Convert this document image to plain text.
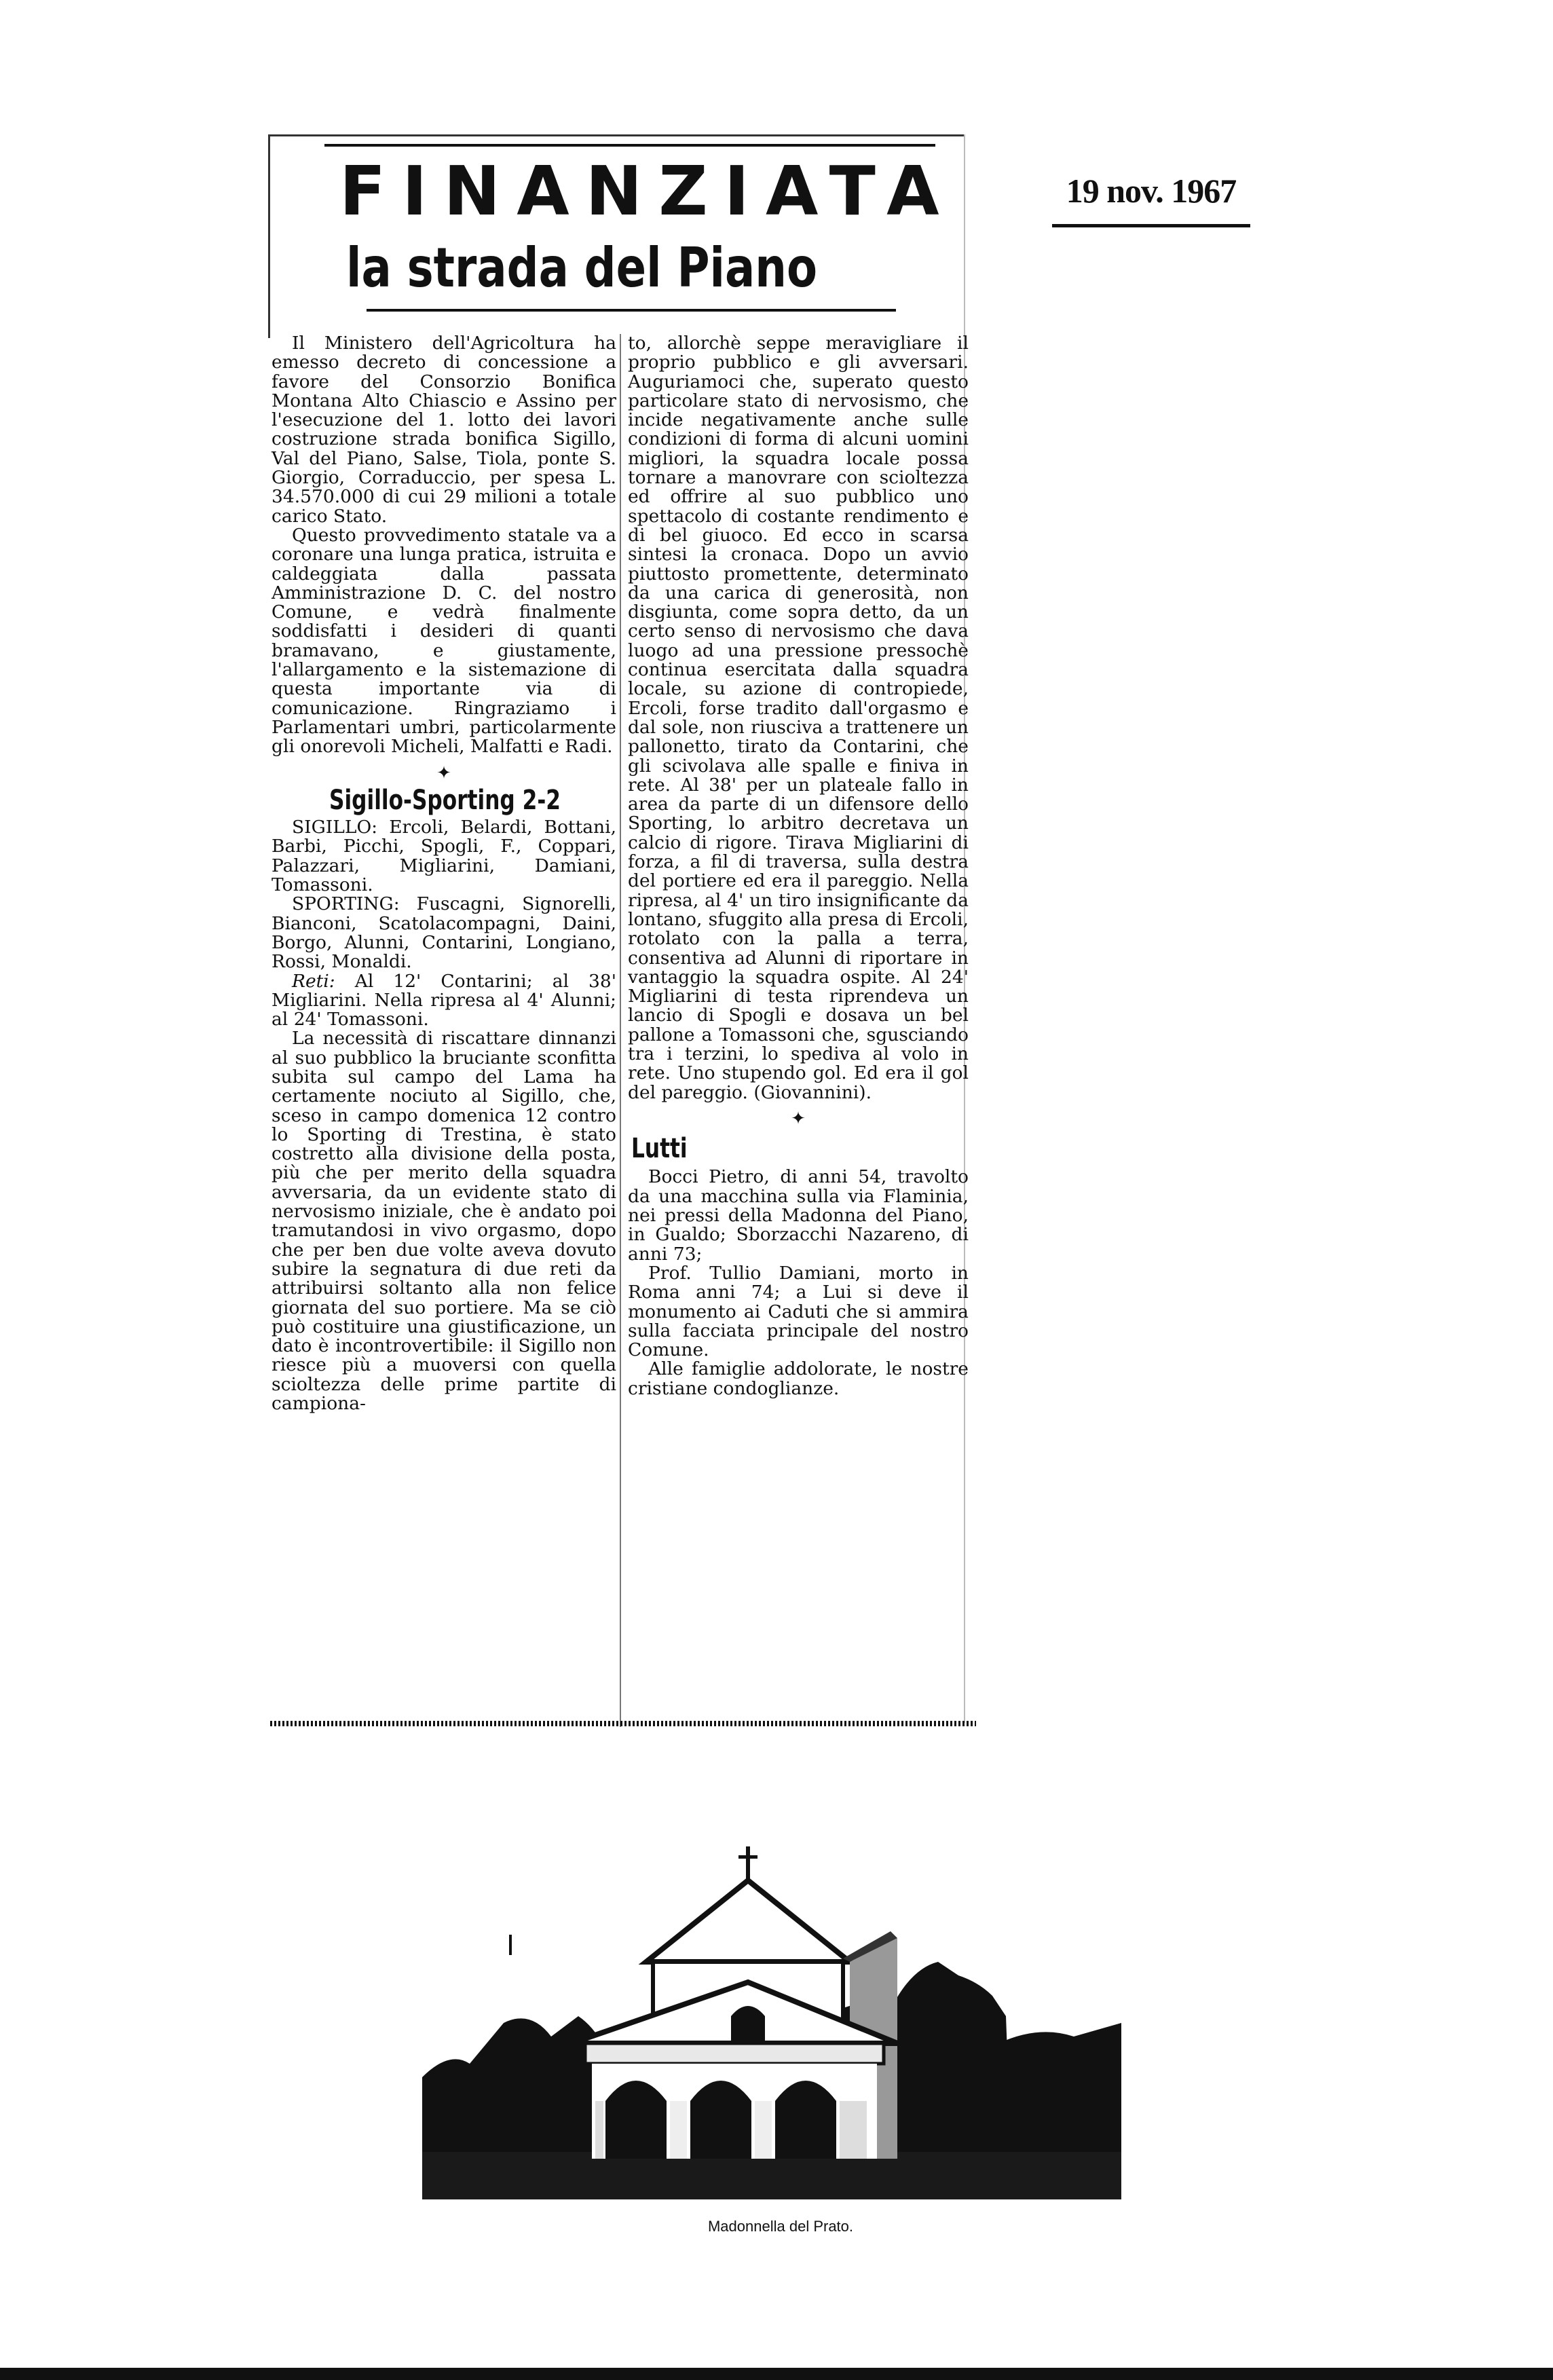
19 nov. 1967
FINANZIATA
la strada del Piano

Il Ministero dell'Agricoltura ha emesso decreto di concessione a favore del Consorzio Bonifica Montana Alto Chiascio e Assino per l'esecuzione del 1. lotto dei lavori costruzione strada bonifica Sigillo, Val del Piano, Salse, Tiola, ponte S. Giorgio, Corraduccio, per spesa L. 34.570.000 di cui 29 milioni a totale carico Stato.

Questo provvedimento statale va a coronare una lunga pratica, istruita e caldeggiata dalla passata Amministrazione D. C. del nostro Comune, e vedrà finalmente soddisfatti i desideri di quanti bramavano, e giustamente, l'allargamento e la sistemazione di questa importante via di comunicazione. Ringraziamo i Parlamentari umbri, particolarmente gli onorevoli Micheli, Malfatti e Radi.

✦
Sigillo-Sporting 2-2

SIGILLO: Ercoli, Belardi, Bottani, Barbi, Picchi, Spogli, F., Coppari, Palazzari, Migliarini, Damiani, Tomassoni.

SPORTING: Fuscagni, Signorelli, Bianconi, Scatolacompagni, Daini, Borgo, Alunni, Contarini, Longiano, Rossi, Monaldi.

Reti: Al 12' Contarini; al 38' Migliarini. Nella ripresa al 4' Alunni; al 24' Tomassoni.

La necessità di riscattare dinnanzi al suo pubblico la bruciante sconfitta subita sul campo del Lama ha certamente nociuto al Sigillo, che, sceso in campo domenica 12 contro lo Sporting di Trestina, è stato costretto alla divisione della posta, più che per merito della squadra avversaria, da un evidente stato di nervosismo iniziale, che è andato poi tramutandosi in vivo orgasmo, dopo che per ben due volte aveva dovuto subire la segnatura di due reti da attribuirsi soltanto alla non felice giornata del suo portiere. Ma se ciò può costituire una giustificazione, un dato è incontrovertibile: il Sigillo non riesce più a muoversi con quella scioltezza delle prime partite di campiona-

to, allorchè seppe meravigliare il proprio pubblico e gli avversari. Auguriamoci che, superato questo particolare stato di nervosismo, che incide negativamente anche sulle condizioni di forma di alcuni uomini migliori, la squadra locale possa tornare a manovrare con scioltezza ed offrire al suo pubblico uno spettacolo di costante rendimento e di bel giuoco. Ed ecco in scarsa sintesi la cronaca. Dopo un avvio piuttosto promettente, determinato da una carica di generosità, non disgiunta, come sopra detto, da un certo senso di nervosismo che dava luogo ad una pressione pressochè continua esercitata dalla squadra locale, su azione di contropiede, Ercoli, forse tradito dall'orgasmo e dal sole, non riusciva a trattenere un pallonetto, tirato da Contarini, che gli scivolava alle spalle e finiva in rete. Al 38' per un plateale fallo in area da parte di un difensore dello Sporting, lo arbitro decretava un calcio di rigore. Tirava Migliarini di forza, a fil di traversa, sulla destra del portiere ed era il pareggio. Nella ripresa, al 4' un tiro insignificante da lontano, sfuggito alla presa di Ercoli, rotolato con la palla a terra, consentiva ad Alunni di riportare in vantaggio la squadra ospite. Al 24' Migliarini di testa riprendeva un lancio di Spogli e dosava un bel pallone a Tomassoni che, sgusciando tra i terzini, lo spediva al volo in rete. Uno stupendo gol. Ed era il gol del pareggio. (Giovannini).

✦
Lutti

Bocci Pietro, di anni 54, travolto da una macchina sulla via Flaminia, nei pressi della Madonna del Piano, in Gualdo; Sborzacchi Nazareno, di anni 73;

Prof. Tullio Damiani, morto in Roma anni 74; a Lui si deve il monumento ai Caduti che si ammira sulla facciata principale del nostro Comune.

Alle famiglie addolorate, le nostre cristiane condoglianze.

Madonnella del Prato.
